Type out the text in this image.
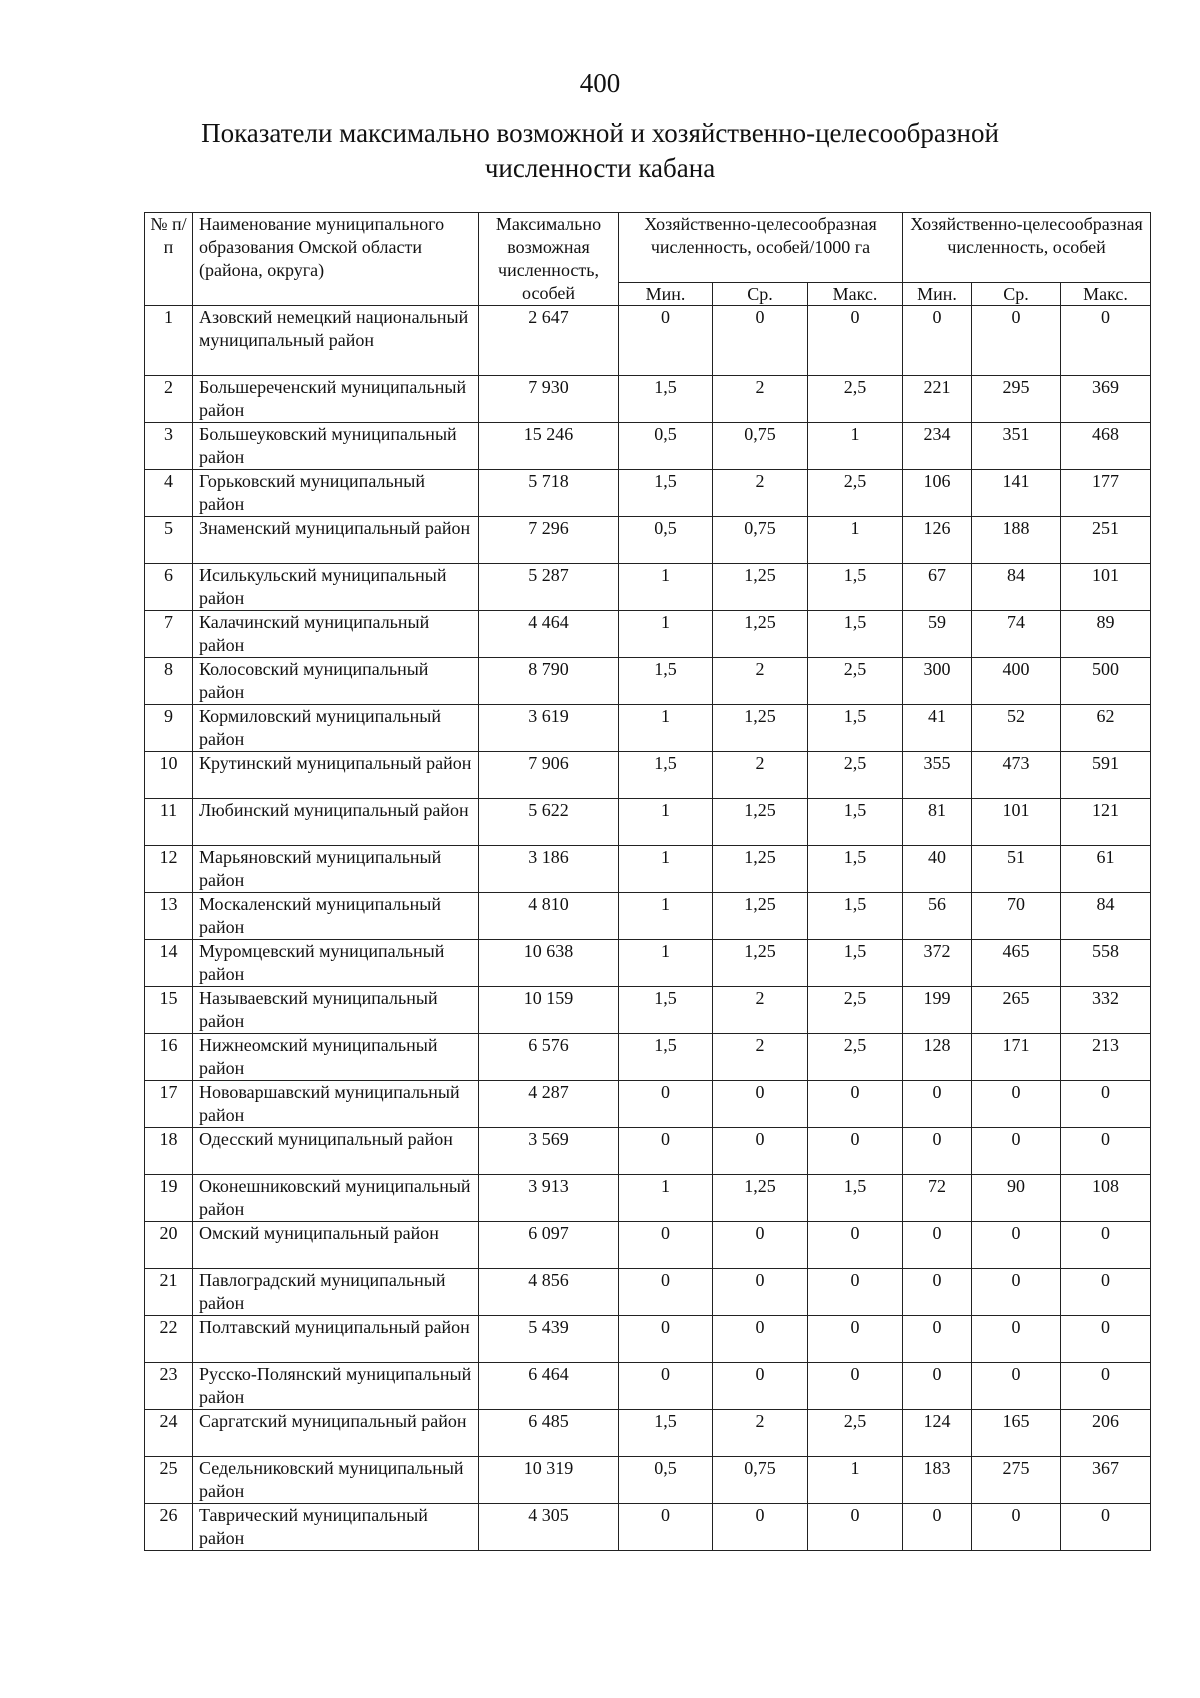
400
Показатели максимально возможной и хозяйственно-целесообразной
численности кабана
№ п/п	Наименование муниципального образования Омской области (района, округа)	Максимально возможная численность, особей	Хозяйственно-целесообразная численность, особей/1000 га			Хозяйственно-целесообразная численность, особей		
			Мин.	Ср.	Макс.	Мин.	Ср.	Макс.
1	Азовский немецкий национальный муниципальный район	2 647	0	0	0	0	0	0
2	Большереченский муниципальный район	7 930	1,5	2	2,5	221	295	369
3	Большеуковский муниципальный район	15 246	0,5	0,75	1	234	351	468
4	Горьковский муниципальный район	5 718	1,5	2	2,5	106	141	177
5	Знаменский муниципальный район	7 296	0,5	0,75	1	126	188	251
6	Исилькульский муниципальный район	5 287	1	1,25	1,5	67	84	101
7	Калачинский муниципальный район	4 464	1	1,25	1,5	59	74	89
8	Колосовский муниципальный район	8 790	1,5	2	2,5	300	400	500
9	Кормиловский муниципальный район	3 619	1	1,25	1,5	41	52	62
10	Крутинский муниципальный район	7 906	1,5	2	2,5	355	473	591
11	Любинский муниципальный район	5 622	1	1,25	1,5	81	101	121
12	Марьяновский муниципальный район	3 186	1	1,25	1,5	40	51	61
13	Москаленский муниципальный район	4 810	1	1,25	1,5	56	70	84
14	Муромцевский муниципальный район	10 638	1	1,25	1,5	372	465	558
15	Называевский муниципальный район	10 159	1,5	2	2,5	199	265	332
16	Нижнеомский муниципальный район	6 576	1,5	2	2,5	128	171	213
17	Нововаршавский муниципальный район	4 287	0	0	0	0	0	0
18	Одесский муниципальный район	3 569	0	0	0	0	0	0
19	Оконешниковский муниципальный район	3 913	1	1,25	1,5	72	90	108
20	Омский муниципальный район	6 097	0	0	0	0	0	0
21	Павлоградский муниципальный район	4 856	0	0	0	0	0	0
22	Полтавский муниципальный район	5 439	0	0	0	0	0	0
23	Русско-Полянский муниципальный район	6 464	0	0	0	0	0	0
24	Саргатский муниципальный район	6 485	1,5	2	2,5	124	165	206
25	Седельниковский муниципальный район	10 319	0,5	0,75	1	183	275	367
26	Таврический муниципальный район	4 305	0	0	0	0	0	0
